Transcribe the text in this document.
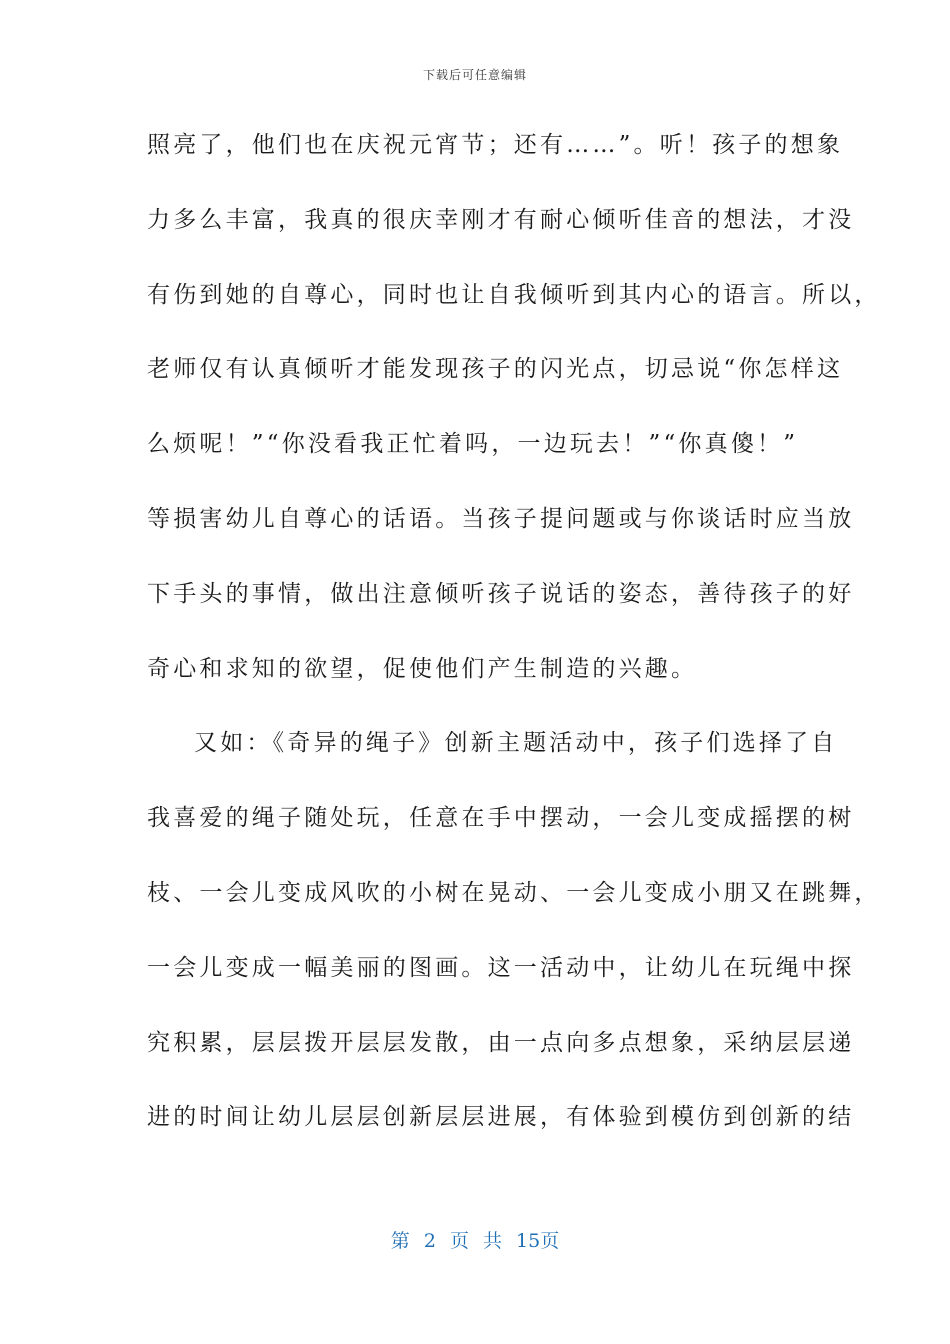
下载后可任意编辑
照亮了，他们也在庆祝元宵节；还有……”。听！孩子的想象
力多么丰富，我真的很庆幸刚才有耐心倾听佳音的想法，才没
有伤到她的自尊心，同时也让自我倾听到其内心的语言。所以，
老师仅有认真倾听才能发现孩子的闪光点，切忌说“你怎样这
么烦呢！”“你没看我正忙着吗，一边玩去！”“你真傻！”
等损害幼儿自尊心的话语。当孩子提问题或与你谈话时应当放
下手头的事情，做出注意倾听孩子说话的姿态，善待孩子的好
奇心和求知的欲望，促使他们产生制造的兴趣。
又如：《奇异的绳子》创新主题活动中，孩子们选择了自
我喜爱的绳子随处玩，任意在手中摆动，一会儿变成摇摆的树
枝、一会儿变成风吹的小树在晃动、一会儿变成小朋又在跳舞，
一会儿变成一幅美丽的图画。这一活动中，让幼儿在玩绳中探
究积累，层层拨开层层发散，由一点向多点想象，采纳层层递
进的时间让幼儿层层创新层层进展，有体验到模仿到创新的结
第 2 页 共 15页
